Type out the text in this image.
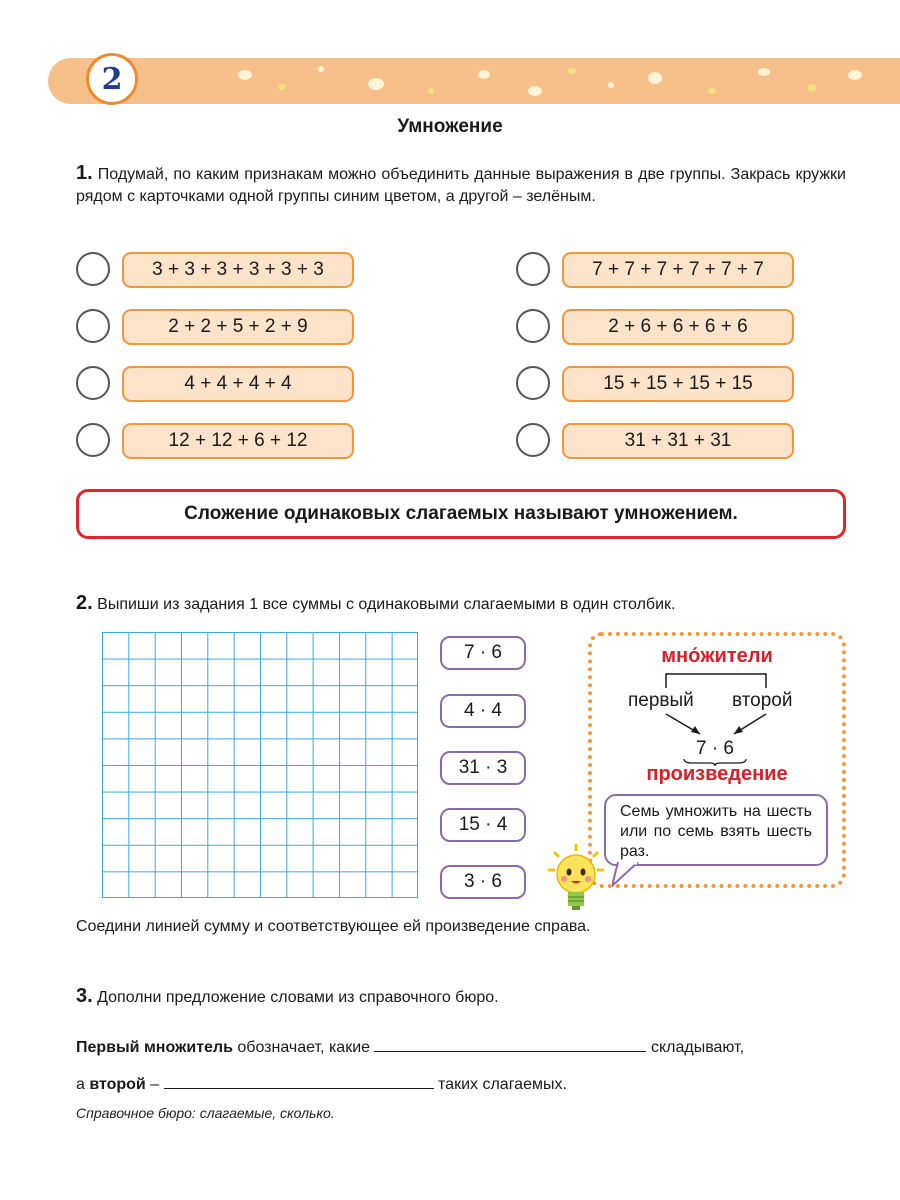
2
Умножение
1. Подумай, по каким признакам можно объединить данные выражения в две группы. Закрась кружки рядом с карточками одной группы синим цветом, а другой – зелёным.
3 + 3 + 3 + 3 + 3 + 3
2 + 2 + 5 + 2 + 9
4 + 4 + 4 + 4
12 + 12 + 6 + 12
7 + 7 + 7 + 7 + 7 + 7
2 + 6 + 6 + 6 + 6
15 + 15 + 15 + 15
31 + 31 + 31
Сложение одинаковых слагаемых называют умножением.
2. Выпиши из задания 1 все суммы с одинаковыми слагаемыми в один столбик.
7 · 6
4 · 4
31 · 3
15 · 4
3 · 6
мно́жители
первый второй
7 · 6
произведение
Семь умножить на шесть или по семь взять шесть раз.
Соедини линией сумму и соответствующее ей произведение справа.
3. Дополни предложение словами из справочного бюро.
Первый множитель обозначает, какие	складывают,
а второй –	таких слагаемых.
Справочное бюро: слагаемые, сколько.
